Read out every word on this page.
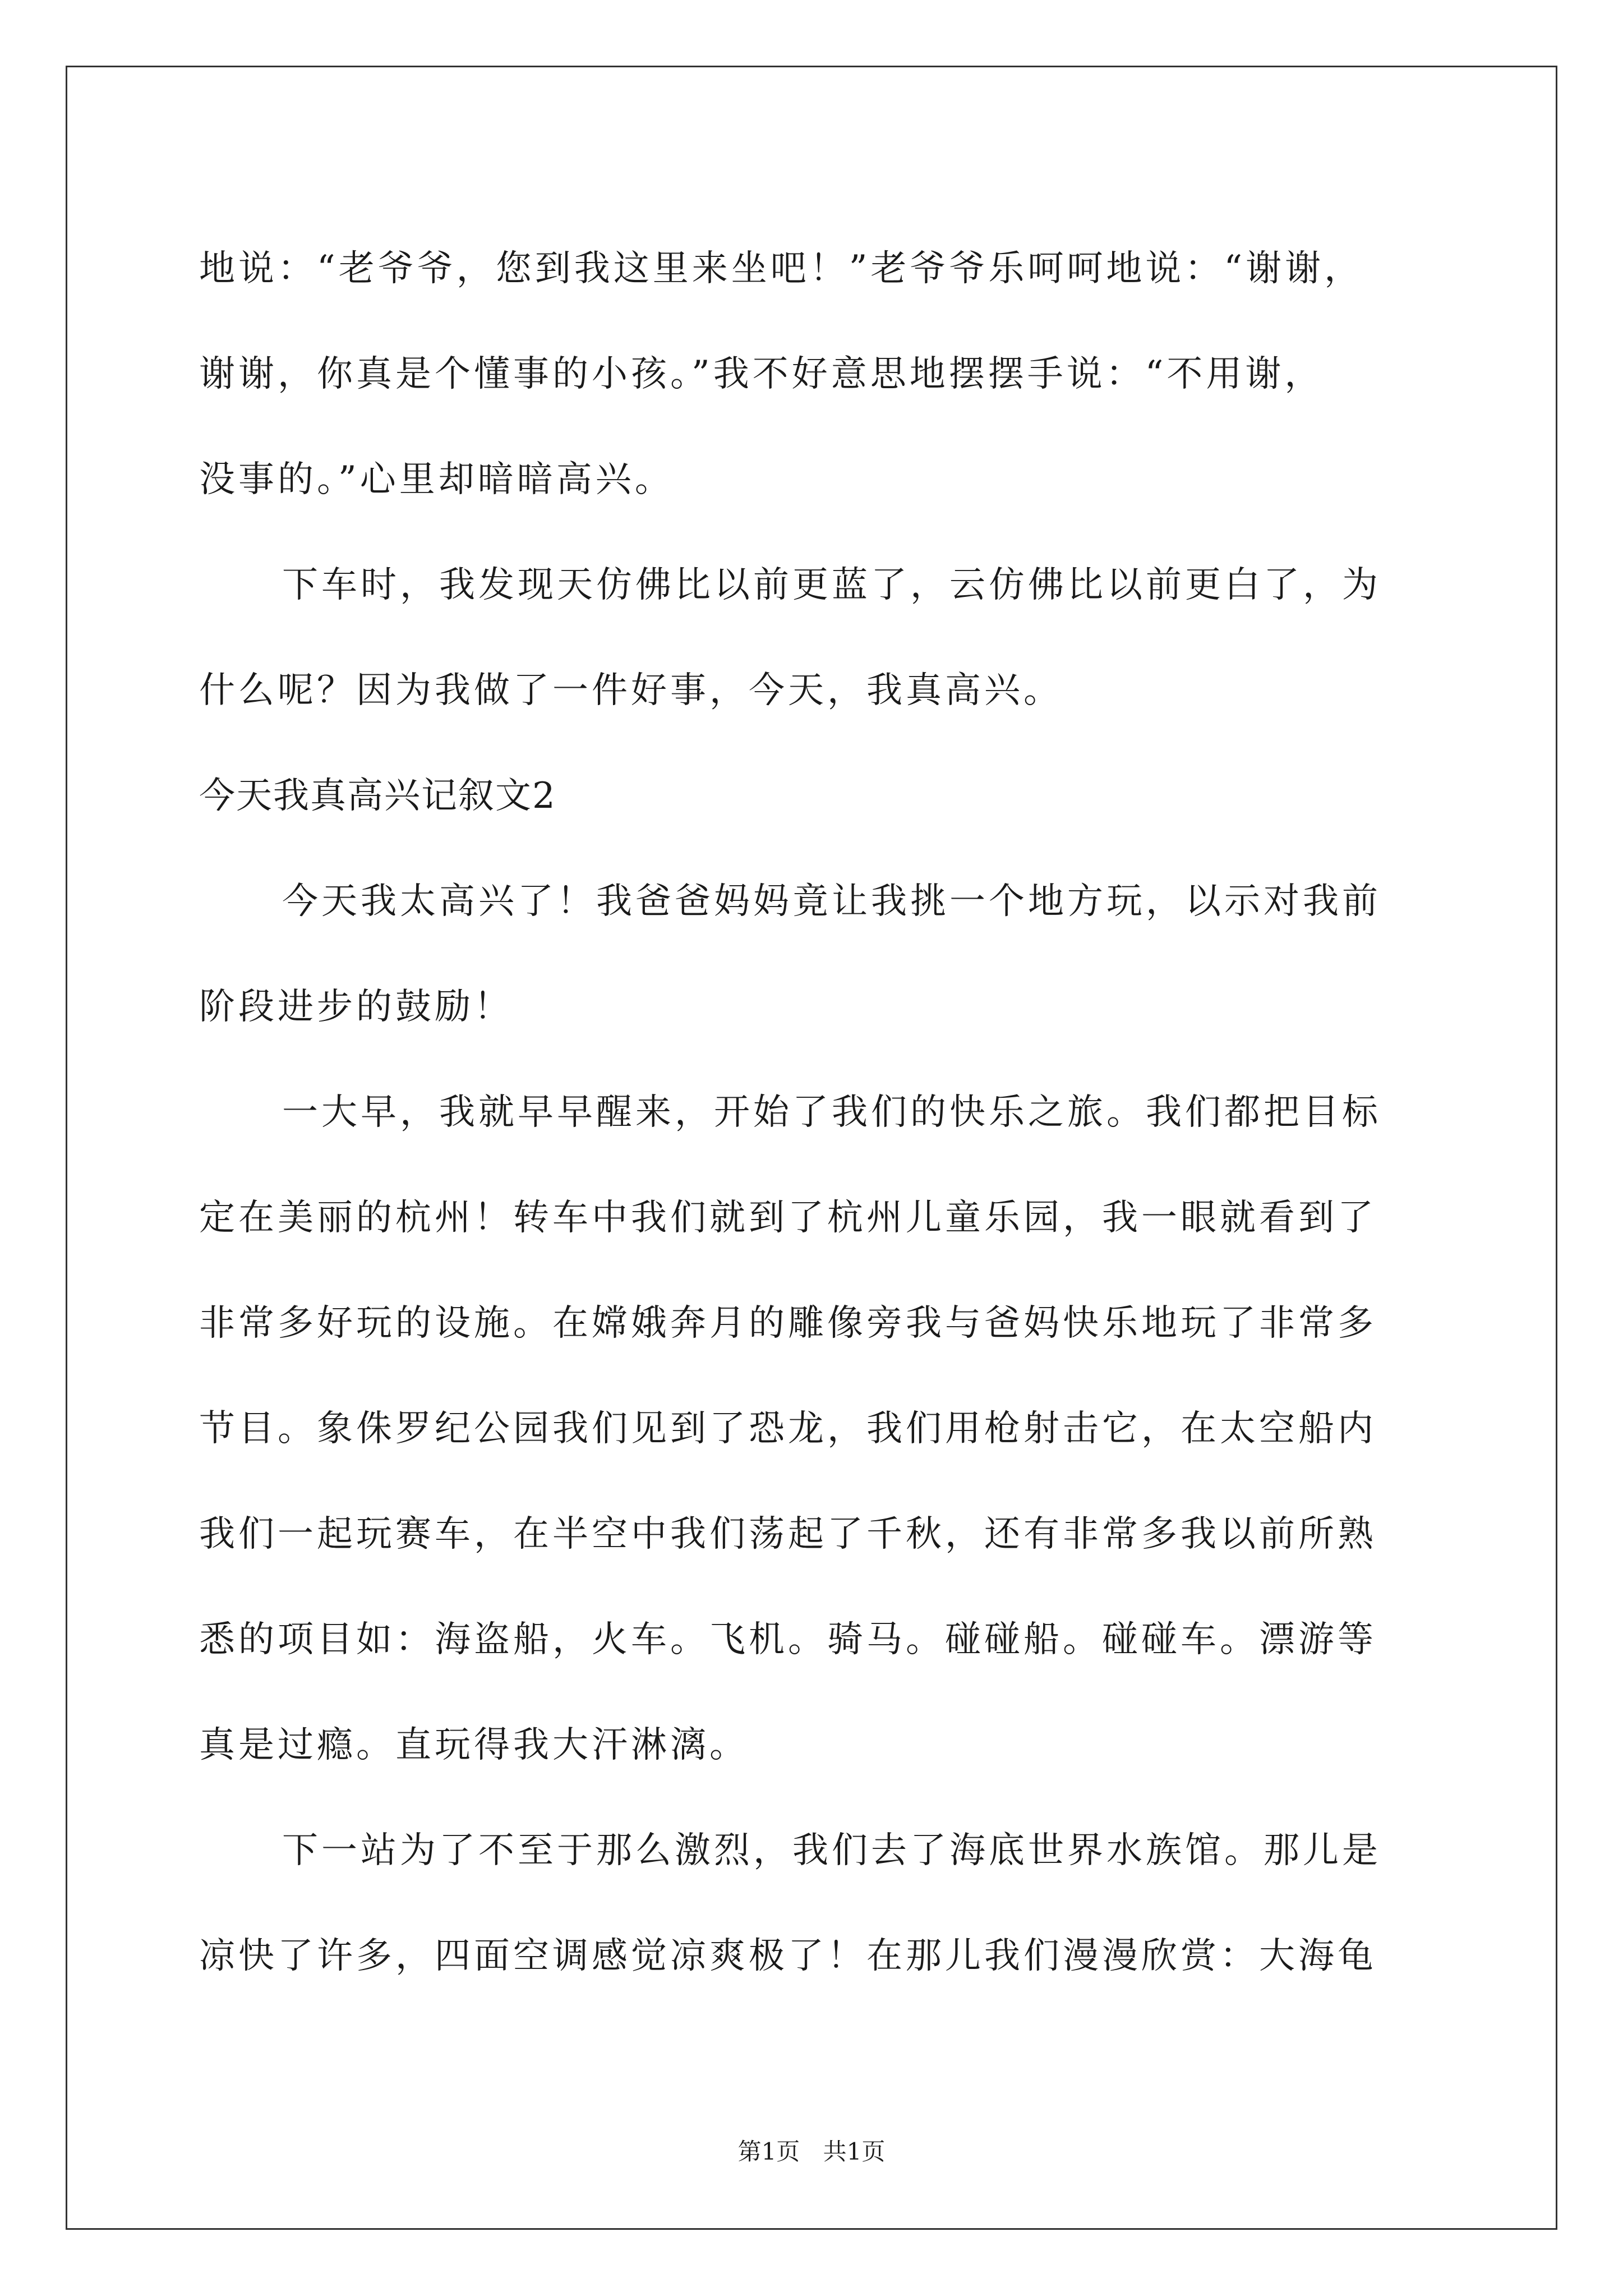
地说：“老爷爷，您到我这里来坐吧！”老爷爷乐呵呵地说：“谢谢，
谢谢，你真是个懂事的小孩。”我不好意思地摆摆手说：“不用谢，
没事的。”心里却暗暗高兴。
下车时，我发现天仿佛比以前更蓝了，云仿佛比以前更白了，为
什么呢？因为我做了一件好事，今天，我真高兴。
今天我真高兴记叙文2
今天我太高兴了！我爸爸妈妈竟让我挑一个地方玩，以示对我前
阶段进步的鼓励！
一大早，我就早早醒来，开始了我们的快乐之旅。我们都把目标
定在美丽的杭州！转车中我们就到了杭州儿童乐园，我一眼就看到了
非常多好玩的设施。在嫦娥奔月的雕像旁我与爸妈快乐地玩了非常多
节目。象侏罗纪公园我们见到了恐龙，我们用枪射击它，在太空船内
我们一起玩赛车，在半空中我们荡起了千秋，还有非常多我以前所熟
悉的项目如：海盗船，火车。飞机。骑马。碰碰船。碰碰车。漂游等
真是过瘾。直玩得我大汗淋漓。
下一站为了不至于那么激烈，我们去了海底世界水族馆。那儿是
凉快了许多，四面空调感觉凉爽极了！在那儿我们漫漫欣赏：大海龟
第1页 共1页
